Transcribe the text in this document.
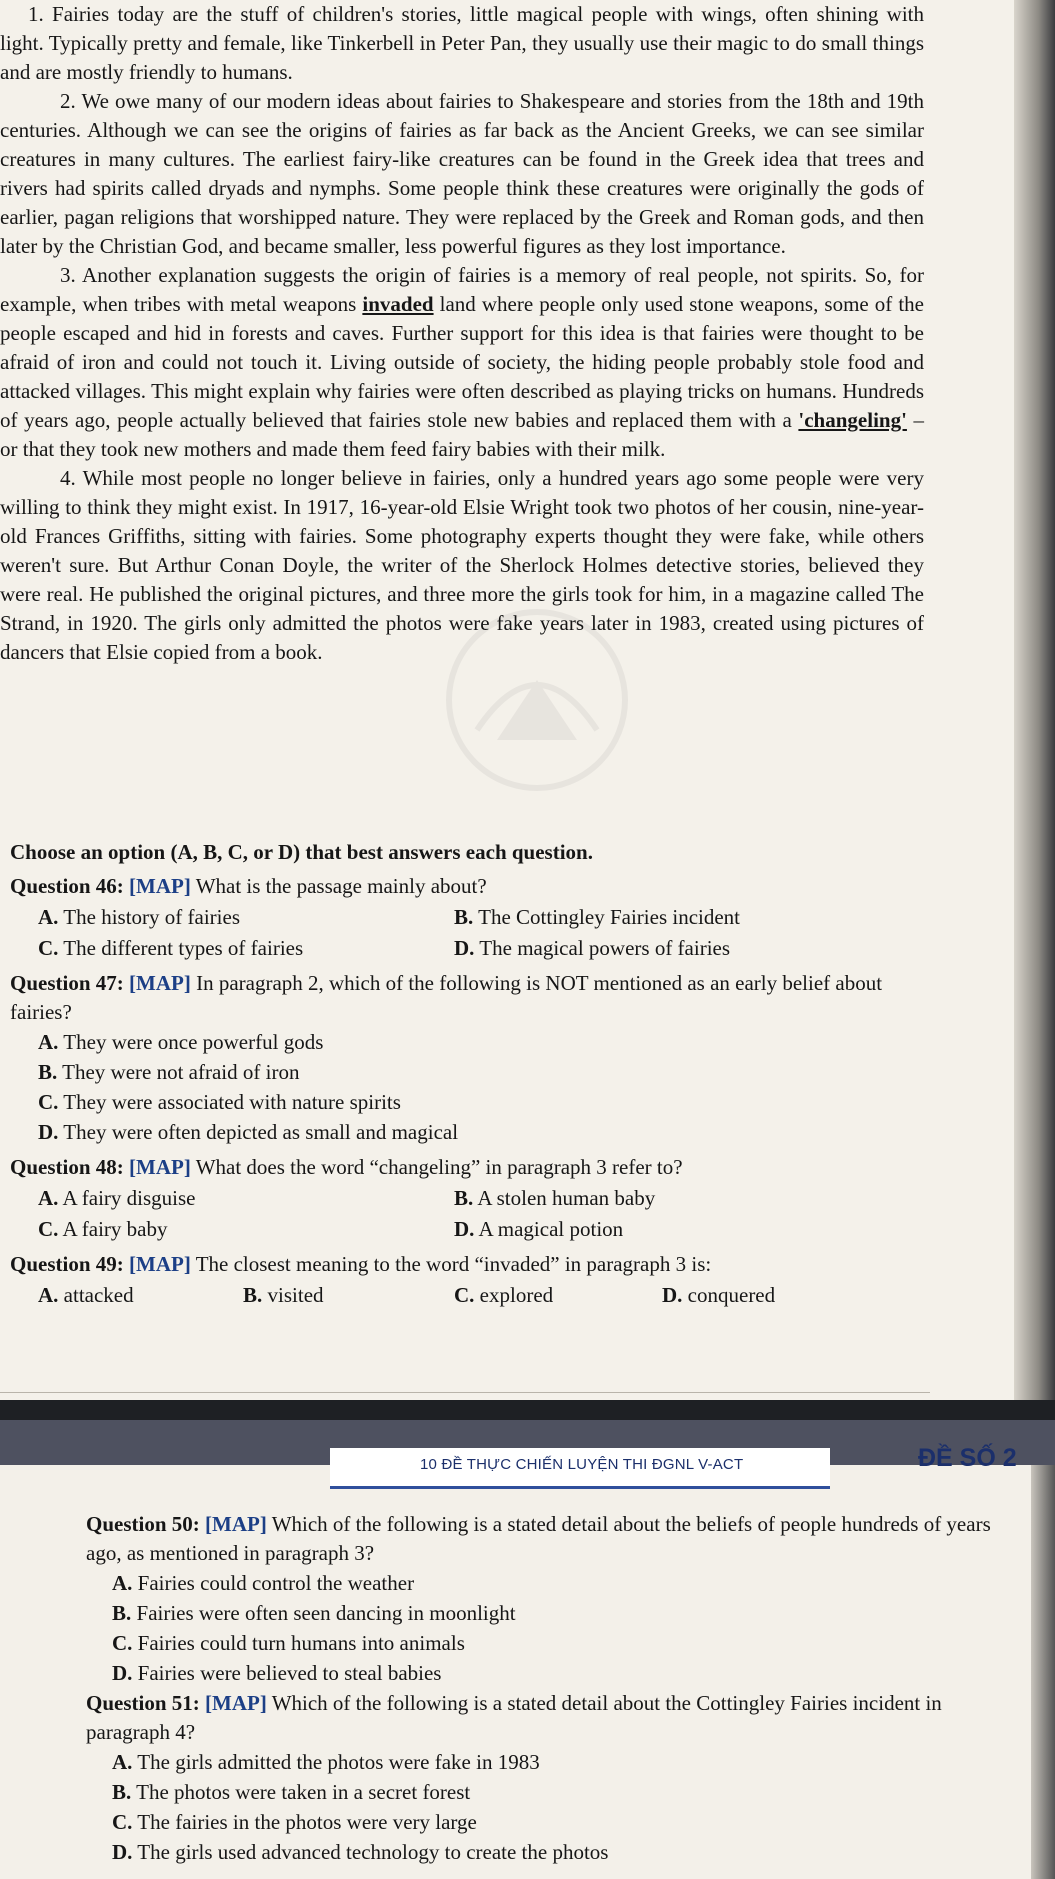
1. Fairies today are the stuff of children's stories, little magical people with wings, often shining with light. Typically pretty and female, like Tinkerbell in Peter Pan, they usually use their magic to do small things and are mostly friendly to humans.

2. We owe many of our modern ideas about fairies to Shakespeare and stories from the 18th and 19th centuries. Although we can see the origins of fairies as far back as the Ancient Greeks, we can see similar creatures in many cultures. The earliest fairy-like creatures can be found in the Greek idea that trees and rivers had spirits called dryads and nymphs. Some people think these creatures were originally the gods of earlier, pagan religions that worshipped nature. They were replaced by the Greek and Roman gods, and then later by the Christian God, and became smaller, less powerful figures as they lost importance.

3. Another explanation suggests the origin of fairies is a memory of real people, not spirits. So, for example, when tribes with metal weapons invaded land where people only used stone weapons, some of the people escaped and hid in forests and caves. Further support for this idea is that fairies were thought to be afraid of iron and could not touch it. Living outside of society, the hiding people probably stole food and attacked villages. This might explain why fairies were often described as playing tricks on humans. Hundreds of years ago, people actually believed that fairies stole new babies and replaced them with a 'changeling' – or that they took new mothers and made them feed fairy babies with their milk.

4. While most people no longer believe in fairies, only a hundred years ago some people were very willing to think they might exist. In 1917, 16-year-old Elsie Wright took two photos of her cousin, nine-year-old Frances Griffiths, sitting with fairies. Some photography experts thought they were fake, while others weren't sure. But Arthur Conan Doyle, the writer of the Sherlock Holmes detective stories, believed they were real. He published the original pictures, and three more the girls took for him, in a magazine called The Strand, in 1920. The girls only admitted the photos were fake years later in 1983, created using pictures of dancers that Elsie copied from a book.

Choose an option (A, B, C, or D) that best answers each question.
Question 46: [MAP] What is the passage mainly about?
A. The history of fairies	B. The Cottingley Fairies incident
C. The different types of fairies	D. The magical powers of fairies
Question 47: [MAP] In paragraph 2, which of the following is NOT mentioned as an early belief about fairies?
A. They were once powerful gods
B. They were not afraid of iron
C. They were associated with nature spirits
D. They were often depicted as small and magical
Question 48: [MAP] What does the word “changeling” in paragraph 3 refer to?
A. A fairy disguise	B. A stolen human baby
C. A fairy baby	D. A magical potion
Question 49: [MAP] The closest meaning to the word “invaded” in paragraph 3 is:
A. attacked	B. visited	C. explored	D. conquered
10 ĐỀ THỰC CHIẾN LUYỆN THI ĐGNL V-ACT	ĐỀ SỐ 2
Question 50: [MAP] Which of the following is a stated detail about the beliefs of people hundreds of years ago, as mentioned in paragraph 3?
A. Fairies could control the weather
B. Fairies were often seen dancing in moonlight
C. Fairies could turn humans into animals
D. Fairies were believed to steal babies
Question 51: [MAP] Which of the following is a stated detail about the Cottingley Fairies incident in paragraph 4?
A. The girls admitted the photos were fake in 1983
B. The photos were taken in a secret forest
C. The fairies in the photos were very large
D. The girls used advanced technology to create the photos
